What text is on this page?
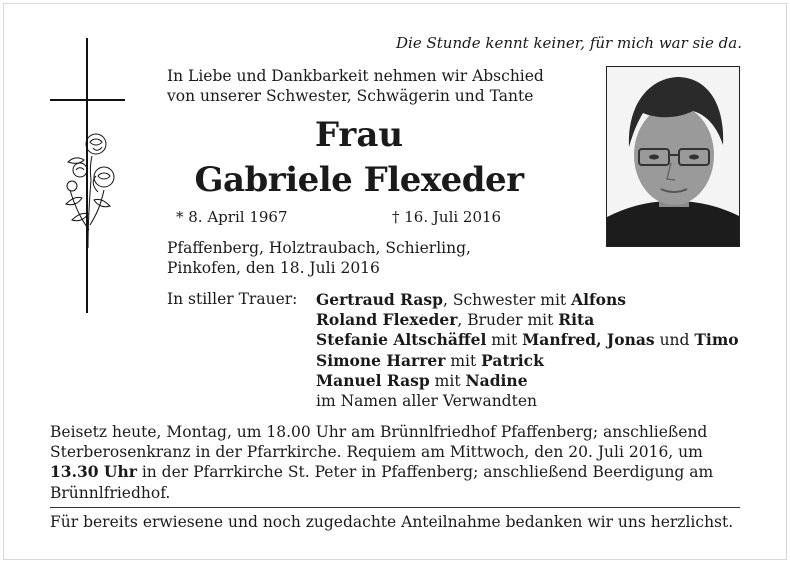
Die Stunde kennt keiner, für mich war sie da.
In Liebe und Dankbarkeit nehmen wir Abschied
von unserer Schwester, Schwägerin und Tante
Frau
Gabriele Flexeder
* 8. April 1967	† 16. Juli 2016
Pfaffenberg, Holztraubach, Schierling,
Pinkofen, den 18. Juli 2016
In stiller Trauer: Gertraud Rasp, Schwester mit Alfons
Roland Flexeder, Bruder mit Rita
Stefanie Altschäffel mit Manfred, Jonas und Timo
Simone Harrer mit Patrick
Manuel Rasp mit Nadine
im Namen aller Verwandten
Beisetz heute, Montag, um 18.00 Uhr am Brünnlfriedhof Pfaffenberg; anschließend
Sterberosenkranz in der Pfarrkirche. Requiem am Mittwoch, den 20. Juli 2016, um
13.30 Uhr in der Pfarrkirche St. Peter in Pfaffenberg; anschließend Beerdigung am
Brünnlfriedhof.
Für bereits erwiesene und noch zugedachte Anteilnahme bedanken wir uns herzlichst.
